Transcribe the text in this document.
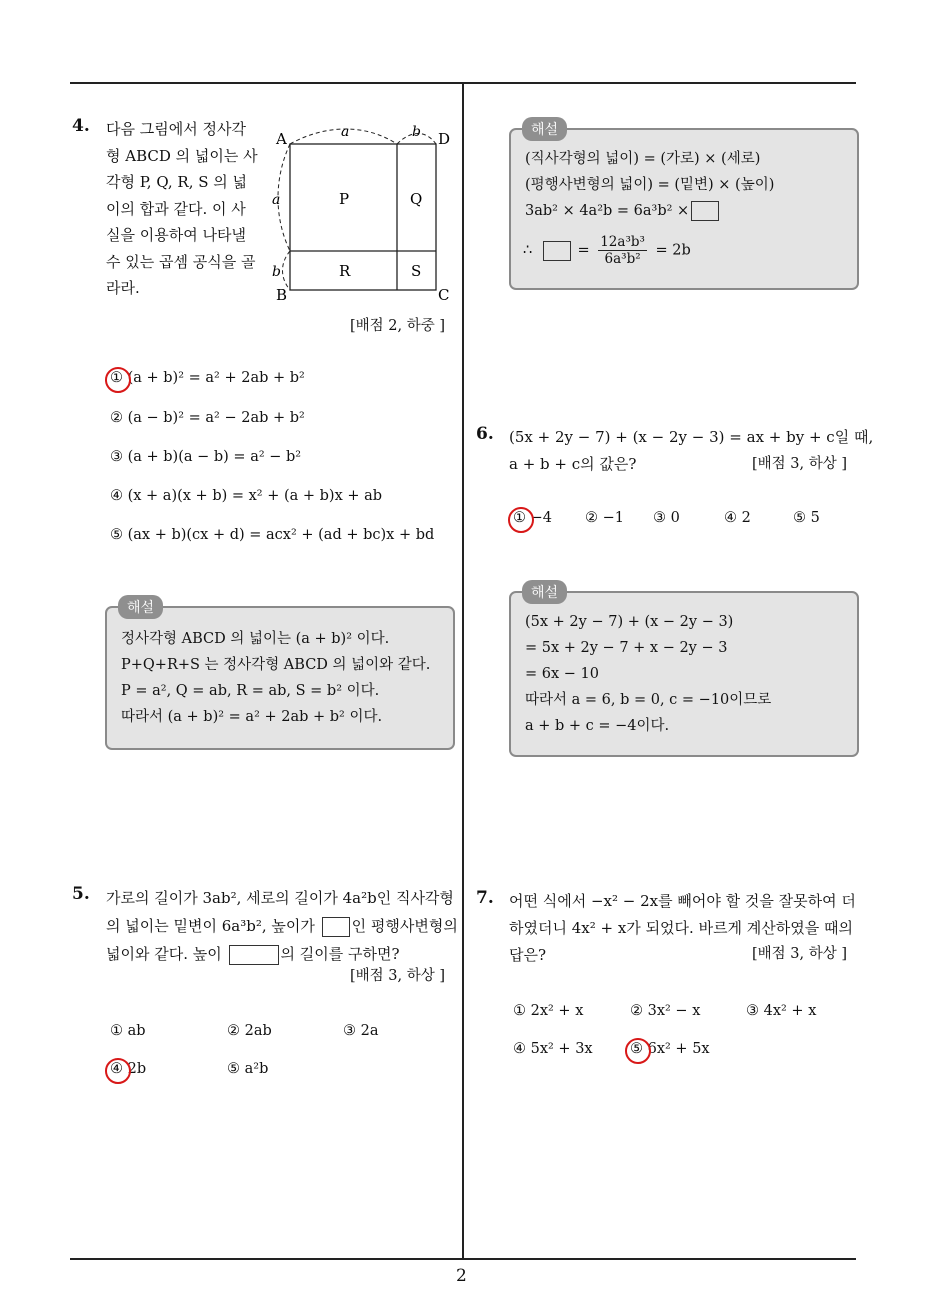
2
4. 다음 그림에서 정사각
형 ABCD 의 넓이는 사
각형 P, Q, R, S 의 넓
이의 합과 같다. 이 사
실을 이용하여 나타낼
수 있는 곱셈 공식을 골
라라.
A	D
B	C
a	b
a
b
P	Q
R	S
[배점 2, 하중 ]
① (a + b)² = a² + 2ab + b²
② (a − b)² = a² − 2ab + b²
③ (a + b)(a − b) = a² − b²
④ (x + a)(x + b) = x² + (a + b)x + ab
⑤ (ax + b)(cx + d) = acx² + (ad + bc)x + bd
정사각형 ABCD 의 넓이는 (a + b)² 이다.
P+Q+R+S 는 정사각형 ABCD 의 넓이와 같다.
P = a², Q = ab, R = ab, S = b² 이다.
따라서 (a + b)² = a² + 2ab + b² 이다.
해설
5. 가로의 길이가 3ab², 세로의 길이가 4a²b인 직사각형
의 넓이는 밑변이 6a³b², 높이가 인 평행사변형의
넓이와 같다. 높이	의 길이를 구하면?
[배점 3, 하상 ]
① ab	② 2ab	③ 2a
④ 2b	⑤ a²b
(직사각형의 넓이) = (가로) × (세로)
(평행사변형의 넓이) = (밑변) × (높이)
3ab² × 4a²b = 6a³b² ×
∴	= $\frac{\text{12a³b³}}{\text{6a³b²}} = 2b$
해설
6. (5x + 2y − 7) + (x − 2y − 3) = ax + by + c일 때,
a + b + c의 값은?	[배점 3, 하상 ]
① −4 ② −1 ③ 0	④ 2	⑤ 5
(5x + 2y − 7) + (x − 2y − 3)
= 5x + 2y − 7 + x − 2y − 3
= 6x − 10
따라서 a = 6, b = 0, c = −10이므로
a + b + c = −4이다.
해설
7. 어떤 식에서 −x² − 2x를 빼어야 할 것을 잘못하여 더
하였더니 4x² + x가 되었다. 바르게 계산하였을 때의
답은?	[배점 3, 하상 ]
① 2x² + x	② 3x² − x	③ 4x² + x
④ 5x² + 3x	⑤ 6x² + 5x
